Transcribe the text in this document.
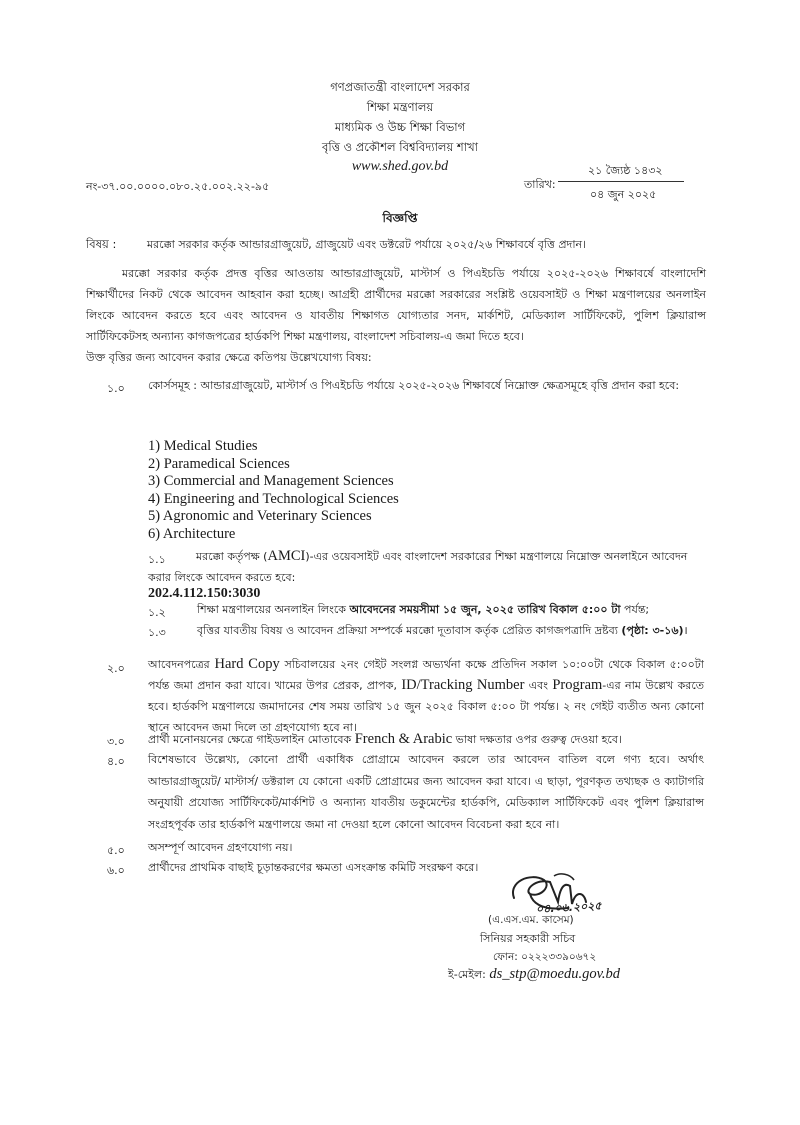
গণপ্রজাতন্ত্রী বাংলাদেশ সরকার
শিক্ষা মন্ত্রণালয়
মাধ্যমিক ও উচ্চ শিক্ষা বিভাগ
বৃত্তি ও প্রকৌশল বিশ্ববিদ্যালয় শাখা
www.shed.gov.bd
নং-৩৭.০০.০০০০.০৮০.২৫.০০২.২২-৯৫	তারিখ:
২১ জ্যৈষ্ঠ ১৪৩২
০৪ জুন ২০২৫
বিজ্ঞপ্তি
বিষয় :	মরক্কো সরকার কর্তৃক আন্ডারগ্রাজুয়েট, গ্রাজুয়েট এবং ডক্টরেট পর্যায়ে ২০২৫/২৬ শিক্ষাবর্ষে বৃত্তি প্রদান।
মরক্কো সরকার কর্তৃক প্রদত্ত বৃত্তির আওতায় আন্ডারগ্রাজুয়েট, মাস্টার্স ও পিএইচডি পর্যায়ে ২০২৫-২০২৬ শিক্ষাবর্ষে বাংলাদেশি শিক্ষার্থীদের নিকট থেকে আবেদন আহবান করা হচ্ছে। আগ্রহী প্রার্থীদের মরক্কো সরকারের সংশ্লিষ্ট ওয়েবসাইট ও শিক্ষা মন্ত্রণালয়ের অনলাইন লিংকে আবেদন করতে হবে এবং আবেদন ও যাবতীয় শিক্ষাগত যোগ্যতার সনদ, মার্কশিট, মেডিক্যাল সার্টিফিকেট, পুলিশ ক্লিয়ারান্স সার্টিফিকেটসহ অন্যান্য কাগজপত্রের হার্ডকপি শিক্ষা মন্ত্রণালয়, বাংলাদেশ সচিবালয়-এ জমা দিতে হবে।
উক্ত বৃত্তির জন্য আবেদন করার ক্ষেত্রে কতিপয় উল্লেখযোগ্য বিষয়:
১.০ কোর্সসমূহ : আন্ডারগ্রাজুয়েট, মাস্টার্স ও পিএইচডি পর্যায়ে ২০২৫-২০২৬ শিক্ষাবর্ষে নিম্নোক্ত ক্ষেত্রসমূহে বৃত্তি প্রদান করা হবে:
1) Medical Studies
2) Paramedical Sciences
3) Commercial and Management Sciences
4) Engineering and Technological Sciences
5) Agronomic and Veterinary Sciences
6) Architecture
১.১	মরক্কো কর্তৃপক্ষ (AMCI)-এর ওয়েবসাইট এবং বাংলাদেশ সরকারের শিক্ষা মন্ত্রণালয়ে নিম্নোক্ত অনলাইনে আবেদন করার লিংকে আবেদন করতে হবে:
202.4.112.150:3030
১.২	শিক্ষা মন্ত্রণালয়ের অনলাইন লিংকে আবেদনের সময়সীমা ১৫ জুন, ২০২৫ তারিখ বিকাল ৫:০০ টা পর্যন্ত;
১.৩	বৃত্তির যাবতীয় বিষয় ও আবেদন প্রক্রিয়া সম্পর্কে মরক্কো দূতাবাস কর্তৃক প্রেরিত কাগজপত্রাদি দ্রষ্টব্য (পৃষ্ঠা: ৩-১৬)।
২.০ আবেদনপত্রের Hard Copy সচিবালয়ের ২নং গেইট সংলগ্ন অভ্যর্থনা কক্ষে প্রতিদিন সকাল ১০:০০টা থেকে বিকাল ৫:০০টা পর্যন্ত জমা প্রদান করা যাবে। খামের উপর প্রেরক, প্রাপক, ID/Tracking Number এবং Program-এর নাম উল্লেখ করতে হবে। হার্ডকপি মন্ত্রণালয়ে জমাদানের শেষ সময় তারিখ ১৫ জুন ২০২৫ বিকাল ৫:০০ টা পর্যন্ত। ২ নং গেইট ব্যতীত অন্য কোনো স্থানে আবেদন জমা দিলে তা গ্রহণযোগ্য হবে না।
৩.০ প্রার্থী মনোনয়নের ক্ষেত্রে গাইডলাইন মোতাবেক French & Arabic ভাষা দক্ষতার ওপর গুরুত্ব দেওয়া হবে।
৪.০ বিশেষভাবে উল্লেখ্য, কোনো প্রার্থী একাধিক প্রোগ্রামে আবেদন করলে তার আবেদন বাতিল বলে গণ্য হবে। অর্থাৎ আন্ডারগ্রাজুয়েট/ মাস্টার্স/ ডক্টরাল যে কোনো একটি প্রোগ্রামের জন্য আবেদন করা যাবে। এ ছাড়া, পূরণকৃত তথ্যছক ও ক্যাটাগরি অনুযায়ী প্রযোজ্য সার্টিফিকেট/মার্কশিট ও অন্যান্য যাবতীয় ডকুমেন্টের হার্ডকপি, মেডিক্যাল সার্টিফিকেট এবং পুলিশ ক্লিয়ারান্স সংগ্রহপূর্বক তার হার্ডকপি মন্ত্রণালয়ে জমা না দেওয়া হলে কোনো আবেদন বিবেচনা করা হবে না।
৫.০ অসম্পূর্ণ আবেদন গ্রহণযোগ্য নয়।
৬.০ প্রার্থীদের প্রাথমিক বাছাই চূড়ান্তকরণের ক্ষমতা এসংক্রান্ত কমিটি সংরক্ষণ করে।
০৪.০৬.২০২৫
(এ.এস.এম. কাসেম)
সিনিয়র সহকারী সচিব
ফোন: ০২২২৩৩৯০৬৭২
ই-মেইল: ds_stp@moedu.gov.bd
